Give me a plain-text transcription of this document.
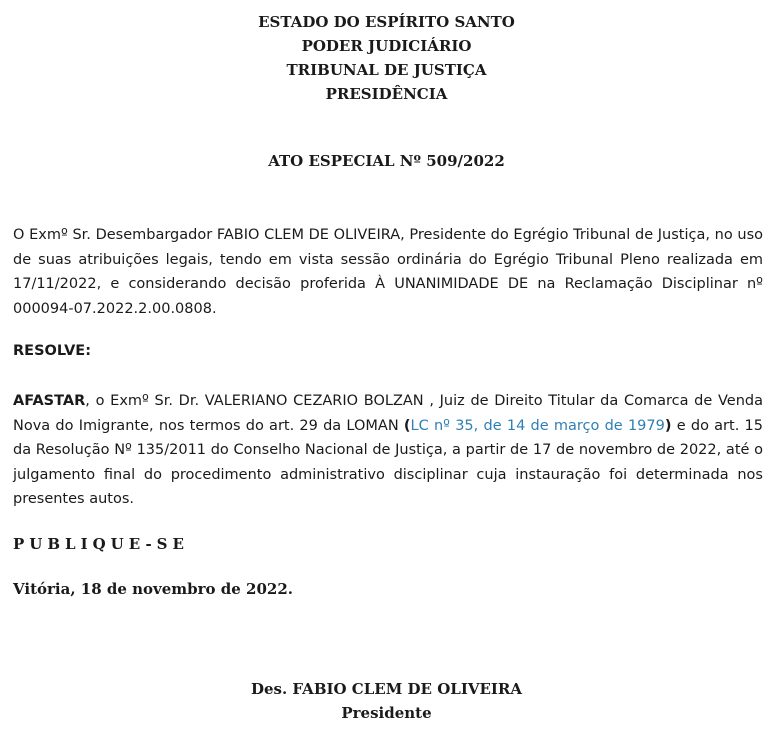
ESTADO DO ESPÍRITO SANTO
PODER JUDICIÁRIO
TRIBUNAL DE JUSTIÇA
PRESIDÊNCIA
ATO ESPECIAL Nº 509/2022
O Exmº Sr. Desembargador FABIO CLEM DE OLIVEIRA, Presidente do Egrégio Tribunal de Justiça, no uso de suas atribuições legais, tendo em vista sessão ordinária do Egrégio Tribunal Pleno realizada em 17/11/2022, e considerando decisão proferida À UNANIMIDADE DE na Reclamação Disciplinar nº 000094-07.2022.2.00.0808.
RESOLVE:
AFASTAR, o Exmº Sr. Dr. VALERIANO CEZARIO BOLZAN , Juiz de Direito Titular da Comarca de Venda Nova do Imigrante, nos termos do art. 29 da LOMAN (LC nº 35, de 14 de março de 1979) e do art. 15 da Resolução Nº 135/2011 do Conselho Nacional de Justiça, a partir de 17 de novembro de 2022, até o julgamento final do procedimento administrativo disciplinar cuja instauração foi determinada nos presentes autos.
PUBLIQUE-SE
Vitória, 18 de novembro de 2022.
Des. FABIO CLEM DE OLIVEIRA
Presidente
